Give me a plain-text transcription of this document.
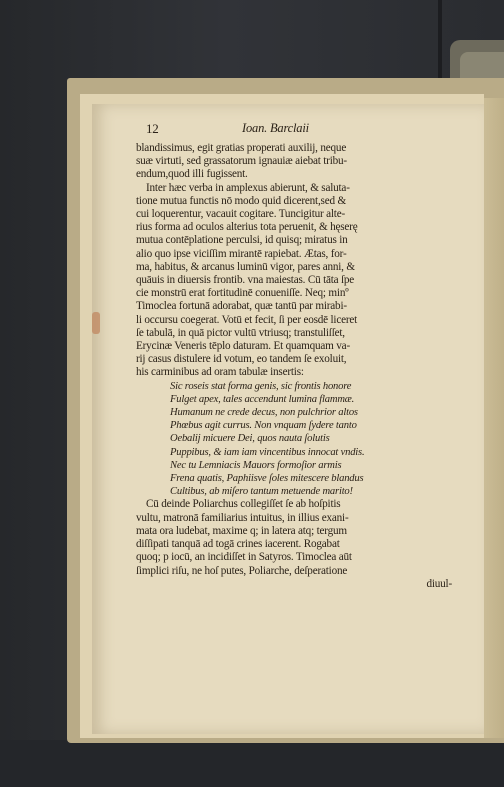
12	Ioan. Barclaii
blandissimus, egit gratias properati auxilij, neque
suæ virtuti, sed grassatorum ignauiæ aiebat tribu-
endum,quod illi fugissent.
Inter hæc verba in amplexus abierunt, & saluta-
tione mutua functis nō modo quid dicerent,sed &
cui loquerentur, vacauit cogitare. Tuncigitur alte-
rius forma ad oculos alterius tota peruenit, & hęserę
mutua contēplatione perculsi, id quisq; miratus in
alio quo ipse viciſſim mirantē rapiebat. Ætas, for-
ma, habitus, & arcanus luminū vigor, pares anni, &
quāuis in diuersis frontib. vna maiestas. Cū tāta ſpe
cie monstrū erat fortitudinē conueniſſe. Neq; minº
Timoclea fortunā adorabat, quæ tantū par mirabi-
li occursu coegerat. Votū et fecit, ſi per eosdē liceret
ſe tabulā, in quā pictor vultū vtriusq; transtuliſſet,
Erycinæ Veneris tēplo daturam. Et quamquam va-
rij casus distulere id votum, eo tandem ſe exoluit,
his carminibus ad oram tabulæ insertis:
Sic roseis stat forma genis, sic frontis honore
Fulget apex, tales accendunt lumina flammæ.
Humanum ne crede decus, non pulchrior altos
Phœbus agit currus. Non vnquam ſydere tanto
Oebalij micuere Dei, quos nauta ſolutis
Puppibus, & iam iam vincentibus innocat vndis.
Nec tu Lemniacis Mauors formoſior armis
Frena quatis, Paphiisve ſoles mitescere blandus
Cultibus, ab miſero tantum metuende marito!
Cū deinde Poliarchus collegiſſet ſe ab hoſpitis
vultu, matronā familiarius intuitus, in illius exani-
mata ora ludebat, maxime q; in latera atq; tergum
diſſipati tanquā ad togā crines iacerent. Rogabat
quoq; p iocū, an incidiſſet in Satyros. Timoclea aūt
ſimplici riſu, ne hoſ putes, Poliarche, deſperatione
diuul-
